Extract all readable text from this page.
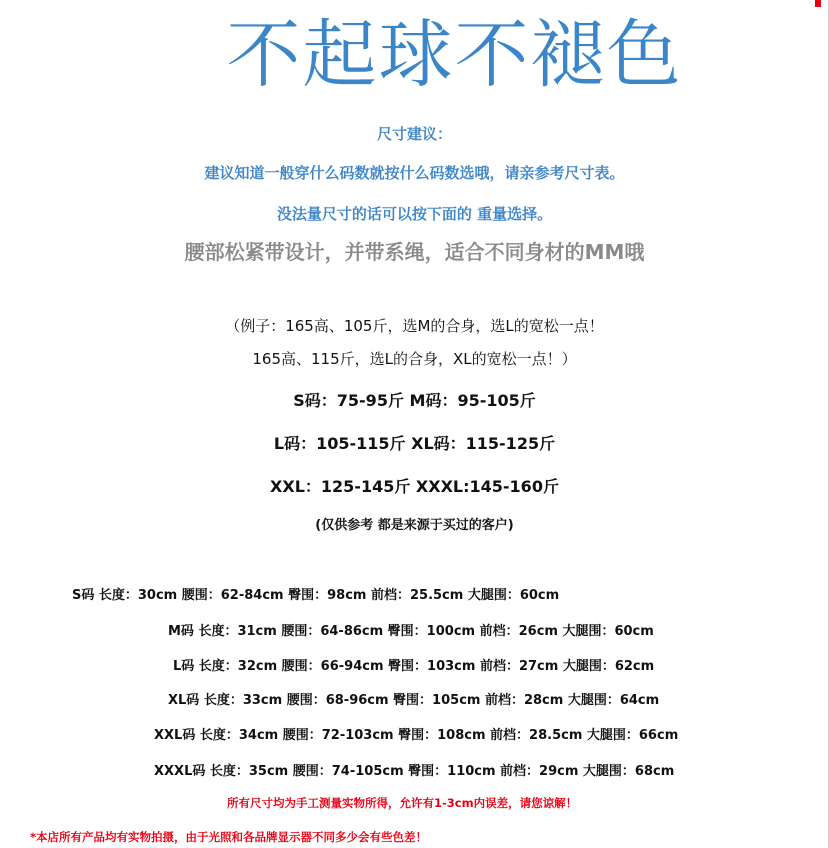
不起球不褪色
尺寸建议：
建议知道一般穿什么码数就按什么码数选哦，请亲参考尺寸表。
没法量尺寸的话可以按下面的 重量选择。
腰部松紧带设计，并带系绳，适合不同身材的MM哦
（例子：165高、105斤，选M的合身，选L的宽松一点！
165高、115斤，选L的合身，XL的宽松一点！）
S码：75-95斤 M码：95-105斤
L码：105-115斤 XL码：115-125斤
XXL：125-145斤 XXXL:145-160斤
(仅供参考 都是来源于买过的客户)
S码 长度：30cm 腰围：62-84cm 臀围：98cm 前档：25.5cm 大腿围：60cm
M码 长度：31cm 腰围：64-86cm 臀围：100cm 前档：26cm 大腿围：60cm
L码 长度：32cm 腰围：66-94cm 臀围：103cm 前档：27cm 大腿围：62cm
XL码 长度：33cm 腰围：68-96cm 臀围：105cm 前档：28cm 大腿围：64cm
XXL码 长度：34cm 腰围：72-103cm 臀围：108cm 前档：28.5cm 大腿围：66cm
XXXL码 长度：35cm 腰围：74-105cm 臀围：110cm 前档：29cm 大腿围：68cm
所有尺寸均为手工测量实物所得，允许有1-3cm内误差，请您谅解！
*本店所有产品均有实物拍摄，由于光照和各品牌显示器不同多少会有些色差！
